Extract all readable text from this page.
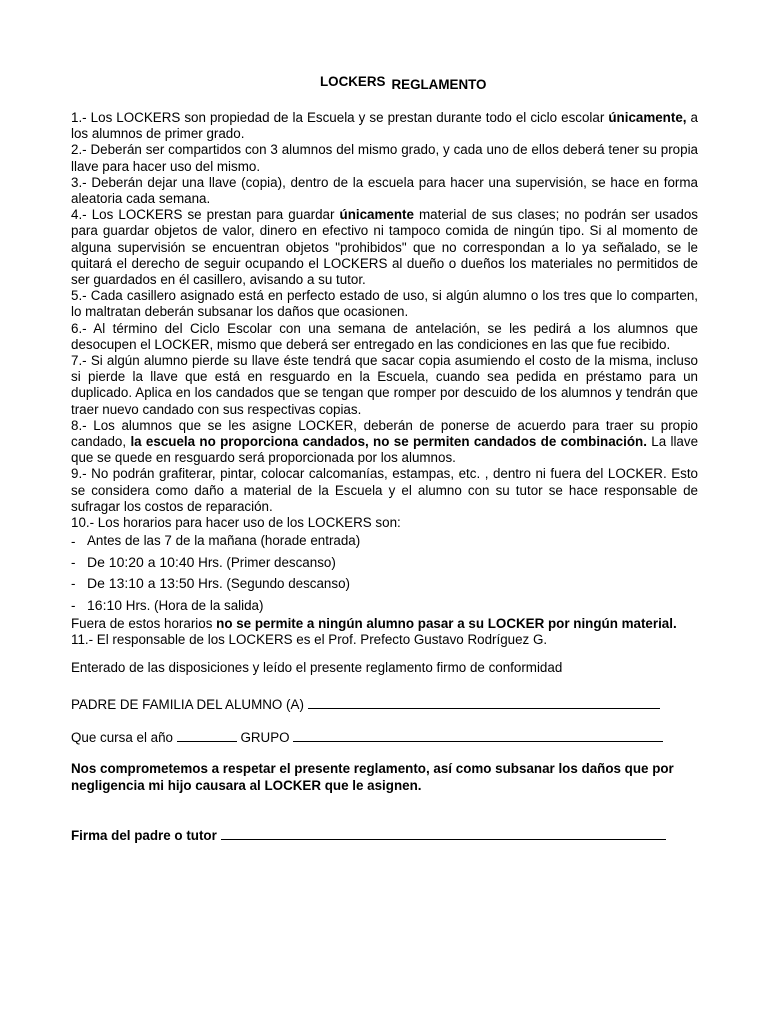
LOCKERS REGLAMENTO

1.- Los LOCKERS son propiedad de la Escuela y se prestan durante todo el ciclo escolar únicamente, a los alumnos de primer grado.

2.- Deberán ser compartidos con 3 alumnos del mismo grado, y cada uno de ellos deberá tener su propia llave para hacer uso del mismo.

3.- Deberán dejar una llave (copia), dentro de la escuela para hacer una supervisión, se hace en forma aleatoria cada semana.

4.- Los LOCKERS se prestan para guardar únicamente material de sus clases; no podrán ser usados para guardar objetos de valor, dinero en efectivo ni tampoco comida de ningún tipo. Si al momento de alguna supervisión se encuentran objetos "prohibidos" que no correspondan a lo ya señalado, se le quitará el derecho de seguir ocupando el LOCKERS al dueño o dueños los materiales no permitidos de ser guardados en él casillero, avisando a su tutor.

5.- Cada casillero asignado está en perfecto estado de uso, si algún alumno o los tres que lo comparten, lo maltratan deberán subsanar los daños que ocasionen.

6.- Al término del Ciclo Escolar con una semana de antelación, se les pedirá a los alumnos que desocupen el LOCKER, mismo que deberá ser entregado en las condiciones en las que fue recibido.

7.- Si algún alumno pierde su llave éste tendrá que sacar copia asumiendo el costo de la misma, incluso si pierde la llave que está en resguardo en la Escuela, cuando sea pedida en préstamo para un duplicado. Aplica en los candados que se tengan que romper por descuido de los alumnos y tendrán que traer nuevo candado con sus respectivas copias.

8.- Los alumnos que se les asigne LOCKER, deberán de ponerse de acuerdo para traer su propio candado, la escuela no proporciona candados, no se permiten candados de combinación. La llave que se quede en resguardo será proporcionada por los alumnos.

9.- No podrán grafiterar, pintar, colocar calcomanías, estampas, etc. , dentro ni fuera del LOCKER. Esto se considera como daño a material de la Escuela y el alumno con su tutor se hace responsable de sufragar los costos de reparación.

10.- Los horarios para hacer uso de los LOCKERS son:

- Antes de las 7 de la mañana (horade entrada)
- De 10:20 a 10:40 Hrs. (Primer descanso)
- De 13:10 a 13:50 Hrs. (Segundo descanso)
- 16:10 Hrs. (Hora de la salida)

Fuera de estos horarios no se permite a ningún alumno pasar a su LOCKER por ningún material.

11.- El responsable de los LOCKERS es el Prof. Prefecto Gustavo Rodríguez G.

Enterado de las disposiciones y leído el presente reglamento firmo de conformidad
PADRE DE FAMILIA DEL ALUMNO (A)
Que cursa el año	GRUPO
Nos comprometemos a respetar el presente reglamento, así como subsanar los daños que por negligencia mi hijo causara al LOCKER que le asignen.
Firma del padre o tutor
